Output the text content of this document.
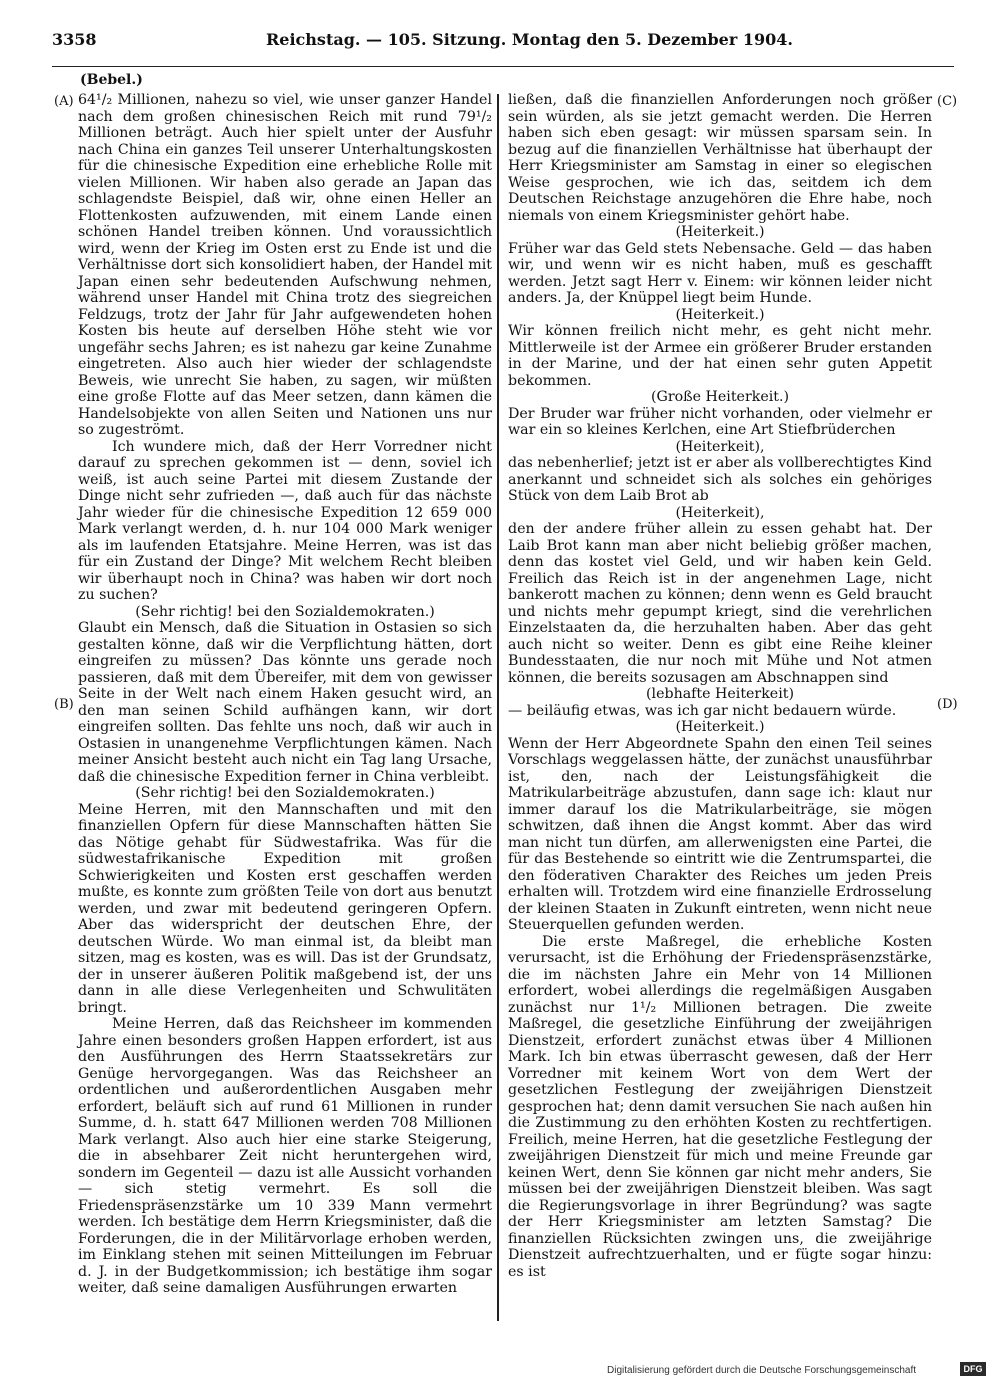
3358	Reichstag. — 105. Sitzung. Montag den 5. Dezember 1904.
(Bebel.)
(A)
(B)
(C)
(D)

64¹/₂ Millionen, nahezu so viel, wie unser ganzer Handel nach dem großen chinesischen Reich mit rund 79¹/₂ Millionen beträgt. Auch hier spielt unter der Ausfuhr nach China ein ganzes Teil unserer Unterhaltungskosten für die chinesische Expedition eine erhebliche Rolle mit vielen Millionen. Wir haben also gerade an Japan das schlagendste Beispiel, daß wir, ohne einen Heller an Flottenkosten aufzuwenden, mit einem Lande einen schönen Handel treiben können. Und voraussichtlich wird, wenn der Krieg im Osten erst zu Ende ist und die Verhältnisse dort sich konsolidiert haben, der Handel mit Japan einen sehr bedeutenden Aufschwung nehmen, während unser Handel mit China trotz des siegreichen Feldzugs, trotz der Jahr für Jahr aufgewendeten hohen Kosten bis heute auf derselben Höhe steht wie vor ungefähr sechs Jahren; es ist nahezu gar keine Zunahme eingetreten. Also auch hier wieder der schlagendste Beweis, wie unrecht Sie haben, zu sagen, wir müßten eine große Flotte auf das Meer setzen, dann kämen die Handelsobjekte von allen Seiten und Nationen uns nur so zugeströmt.

Ich wundere mich, daß der Herr Vorredner nicht darauf zu sprechen gekommen ist — denn, soviel ich weiß, ist auch seine Partei mit diesem Zustande der Dinge nicht sehr zufrieden —, daß auch für das nächste Jahr wieder für die chinesische Expedition 12 659 000 Mark verlangt werden, d. h. nur 104 000 Mark weniger als im laufenden Etatsjahre. Meine Herren, was ist das für ein Zustand der Dinge? Mit welchem Recht bleiben wir überhaupt noch in China? was haben wir dort noch zu suchen?

(Sehr richtig! bei den Sozialdemokraten.)

Glaubt ein Mensch, daß die Situation in Ostasien so sich gestalten könne, daß wir die Verpflichtung hätten, dort eingreifen zu müssen? Das könnte uns gerade noch passieren, daß mit dem Übereifer, mit dem von gewisser Seite in der Welt nach einem Haken gesucht wird, an den man seinen Schild aufhängen kann, wir dort eingreifen sollten. Das fehlte uns noch, daß wir auch in Ostasien in unangenehme Verpflichtungen kämen. Nach meiner Ansicht besteht auch nicht ein Tag lang Ursache, daß die chinesische Expedition ferner in China verbleibt.

(Sehr richtig! bei den Sozialdemokraten.)

Meine Herren, mit den Mannschaften und mit den finanziellen Opfern für diese Mannschaften hätten Sie das Nötige gehabt für Südwestafrika. Was für die südwestafrikanische Expedition mit großen Schwierigkeiten und Kosten erst geschaffen werden mußte, es konnte zum größten Teile von dort aus benutzt werden, und zwar mit bedeutend geringeren Opfern. Aber das widerspricht der deutschen Ehre, der deutschen Würde. Wo man einmal ist, da bleibt man sitzen, mag es kosten, was es will. Das ist der Grundsatz, der in unserer äußeren Politik maßgebend ist, der uns dann in alle diese Verlegenheiten und Schwulitäten bringt.

Meine Herren, daß das Reichsheer im kommenden Jahre einen besonders großen Happen erfordert, ist aus den Ausführungen des Herrn Staatssekretärs zur Genüge hervorgegangen. Was das Reichsheer an ordentlichen und außerordentlichen Ausgaben mehr erfordert, beläuft sich auf rund 61 Millionen in runder Summe, d. h. statt 647 Millionen werden 708 Millionen Mark verlangt. Also auch hier eine starke Steigerung, die in absehbarer Zeit nicht heruntergehen wird, sondern im Gegenteil — dazu ist alle Aussicht vorhanden — sich stetig vermehrt. Es soll die Friedenspräsenzstärke um 10 339 Mann vermehrt werden. Ich bestätige dem Herrn Kriegsminister, daß die Forderungen, die in der Militärvorlage erhoben werden, im Einklang stehen mit seinen Mitteilungen im Februar d. J. in der Budgetkommission; ich bestätige ihm sogar weiter, daß seine damaligen Ausführungen erwarten

ließen, daß die finanziellen Anforderungen noch größer sein würden, als sie jetzt gemacht werden. Die Herren haben sich eben gesagt: wir müssen sparsam sein. In bezug auf die finanziellen Verhältnisse hat überhaupt der Herr Kriegsminister am Samstag in einer so elegischen Weise gesprochen, wie ich das, seitdem ich dem Deutschen Reichstage anzugehören die Ehre habe, noch niemals von einem Kriegsminister gehört habe.

(Heiterkeit.)

Früher war das Geld stets Nebensache. Geld — das haben wir, und wenn wir es nicht haben, muß es geschafft werden. Jetzt sagt Herr v. Einem: wir können leider nicht anders. Ja, der Knüppel liegt beim Hunde.

(Heiterkeit.)

Wir können freilich nicht mehr, es geht nicht mehr. Mittlerweile ist der Armee ein größerer Bruder erstanden in der Marine, und der hat einen sehr guten Appetit bekommen.

(Große Heiterkeit.)

Der Bruder war früher nicht vorhanden, oder vielmehr er war ein so kleines Kerlchen, eine Art Stiefbrüderchen

(Heiterkeit),

das nebenherlief; jetzt ist er aber als vollberechtigtes Kind anerkannt und schneidet sich als solches ein gehöriges Stück von dem Laib Brot ab

(Heiterkeit),

den der andere früher allein zu essen gehabt hat. Der Laib Brot kann man aber nicht beliebig größer machen, denn das kostet viel Geld, und wir haben kein Geld. Freilich das Reich ist in der angenehmen Lage, nicht bankerott machen zu können; denn wenn es Geld braucht und nichts mehr gepumpt kriegt, sind die verehrlichen Einzelstaaten da, die herzuhalten haben. Aber das geht auch nicht so weiter. Denn es gibt eine Reihe kleiner Bundesstaaten, die nur noch mit Mühe und Not atmen können, die bereits sozusagen am Abschnappen sind

(lebhafte Heiterkeit)

— beiläufig etwas, was ich gar nicht bedauern würde.

(Heiterkeit.)

Wenn der Herr Abgeordnete Spahn den einen Teil seines Vorschlags weggelassen hätte, der zunächst unausführbar ist, den, nach der Leistungsfähigkeit die Matrikularbeiträge abzustufen, dann sage ich: klaut nur immer darauf los die Matrikularbeiträge, sie mögen schwitzen, daß ihnen die Angst kommt. Aber das wird man nicht tun dürfen, am allerwenigsten eine Partei, die für das Bestehende so eintritt wie die Zentrumspartei, die den föderativen Charakter des Reiches um jeden Preis erhalten will. Trotzdem wird eine finanzielle Erdrosselung der kleinen Staaten in Zukunft eintreten, wenn nicht neue Steuerquellen gefunden werden.

Die erste Maßregel, die erhebliche Kosten verursacht, ist die Erhöhung der Friedenspräsenzstärke, die im nächsten Jahre ein Mehr von 14 Millionen erfordert, wobei allerdings die regelmäßigen Ausgaben zunächst nur 1¹/₂ Millionen betragen. Die zweite Maßregel, die gesetzliche Einführung der zweijährigen Dienstzeit, erfordert zunächst etwas über 4 Millionen Mark. Ich bin etwas überrascht gewesen, daß der Herr Vorredner mit keinem Wort von dem Wert der gesetzlichen Festlegung der zweijährigen Dienstzeit gesprochen hat; denn damit versuchen Sie nach außen hin die Zustimmung zu den erhöhten Kosten zu rechtfertigen. Freilich, meine Herren, hat die gesetzliche Festlegung der zweijährigen Dienstzeit für mich und meine Freunde gar keinen Wert, denn Sie können gar nicht mehr anders, Sie müssen bei der zweijährigen Dienstzeit bleiben. Was sagt die Regierungsvorlage in ihrer Begründung? was sagte der Herr Kriegsminister am letzten Samstag? Die finanziellen Rücksichten zwingen uns, die zweijährige Dienstzeit aufrechtzuerhalten, und er fügte sogar hinzu: es ist

Digitalisierung gefördert durch die Deutsche Forschungsgemeinschaft	DFG
